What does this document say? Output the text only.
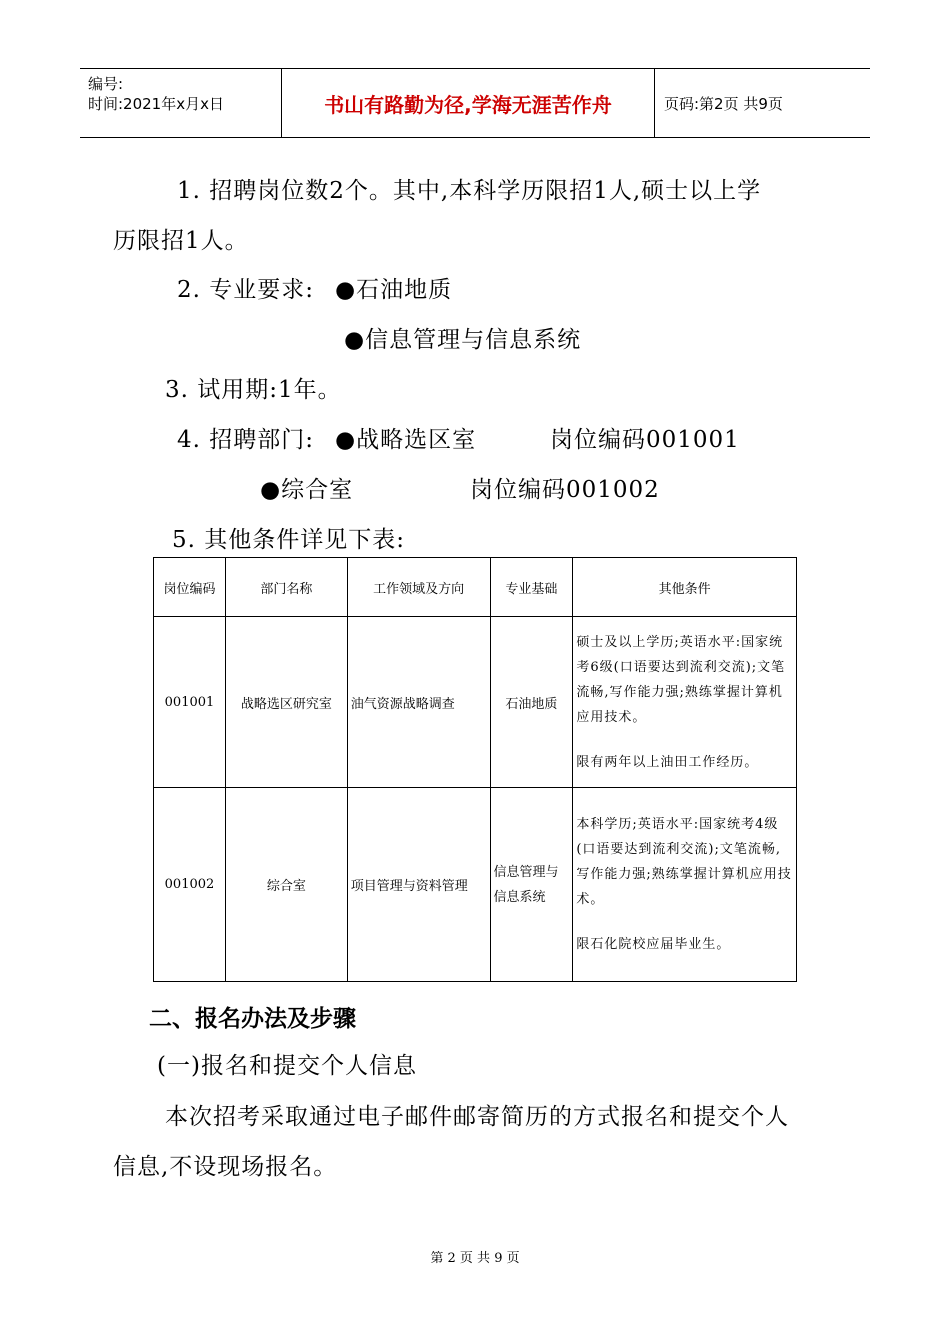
编号:
时间:2021年x月x日	书山有路勤为径,学海无涯苦作舟	页码:第2页 共9页
1. 招聘岗位数2个。其中,本科学历限招1人,硕士以上学
历限招1人。
2. 专业要求: ●石油地质
●信息管理与信息系统
3. 试用期:1年。
4. 招聘部门: ●战略选区室	岗位编码001001
●综合室	岗位编码001002
5. 其他条件详见下表:
岗位编码	部门名称	工作领域及方向	专业基础	其他条件
001001	战略选区研究室	油气资源战略调查	石油地质	硕士及以上学历;英语水平:国家统考6级(口语要达到流利交流);文笔流畅,写作能力强;熟练掌握计算机应用技术。

限有两年以上油田工作经历。

001002	综合室	项目管理与资料管理	信息管理与信息系统	本科学历;英语水平:国家统考4级(口语要达到流利交流);文笔流畅,写作能力强;熟练掌握计算机应用技术。

限石化院校应届毕业生。

二、报名办法及步骤
(一)报名和提交个人信息
本次招考采取通过电子邮件邮寄简历的方式报名和提交个人
信息,不设现场报名。
第 2 页 共 9 页
